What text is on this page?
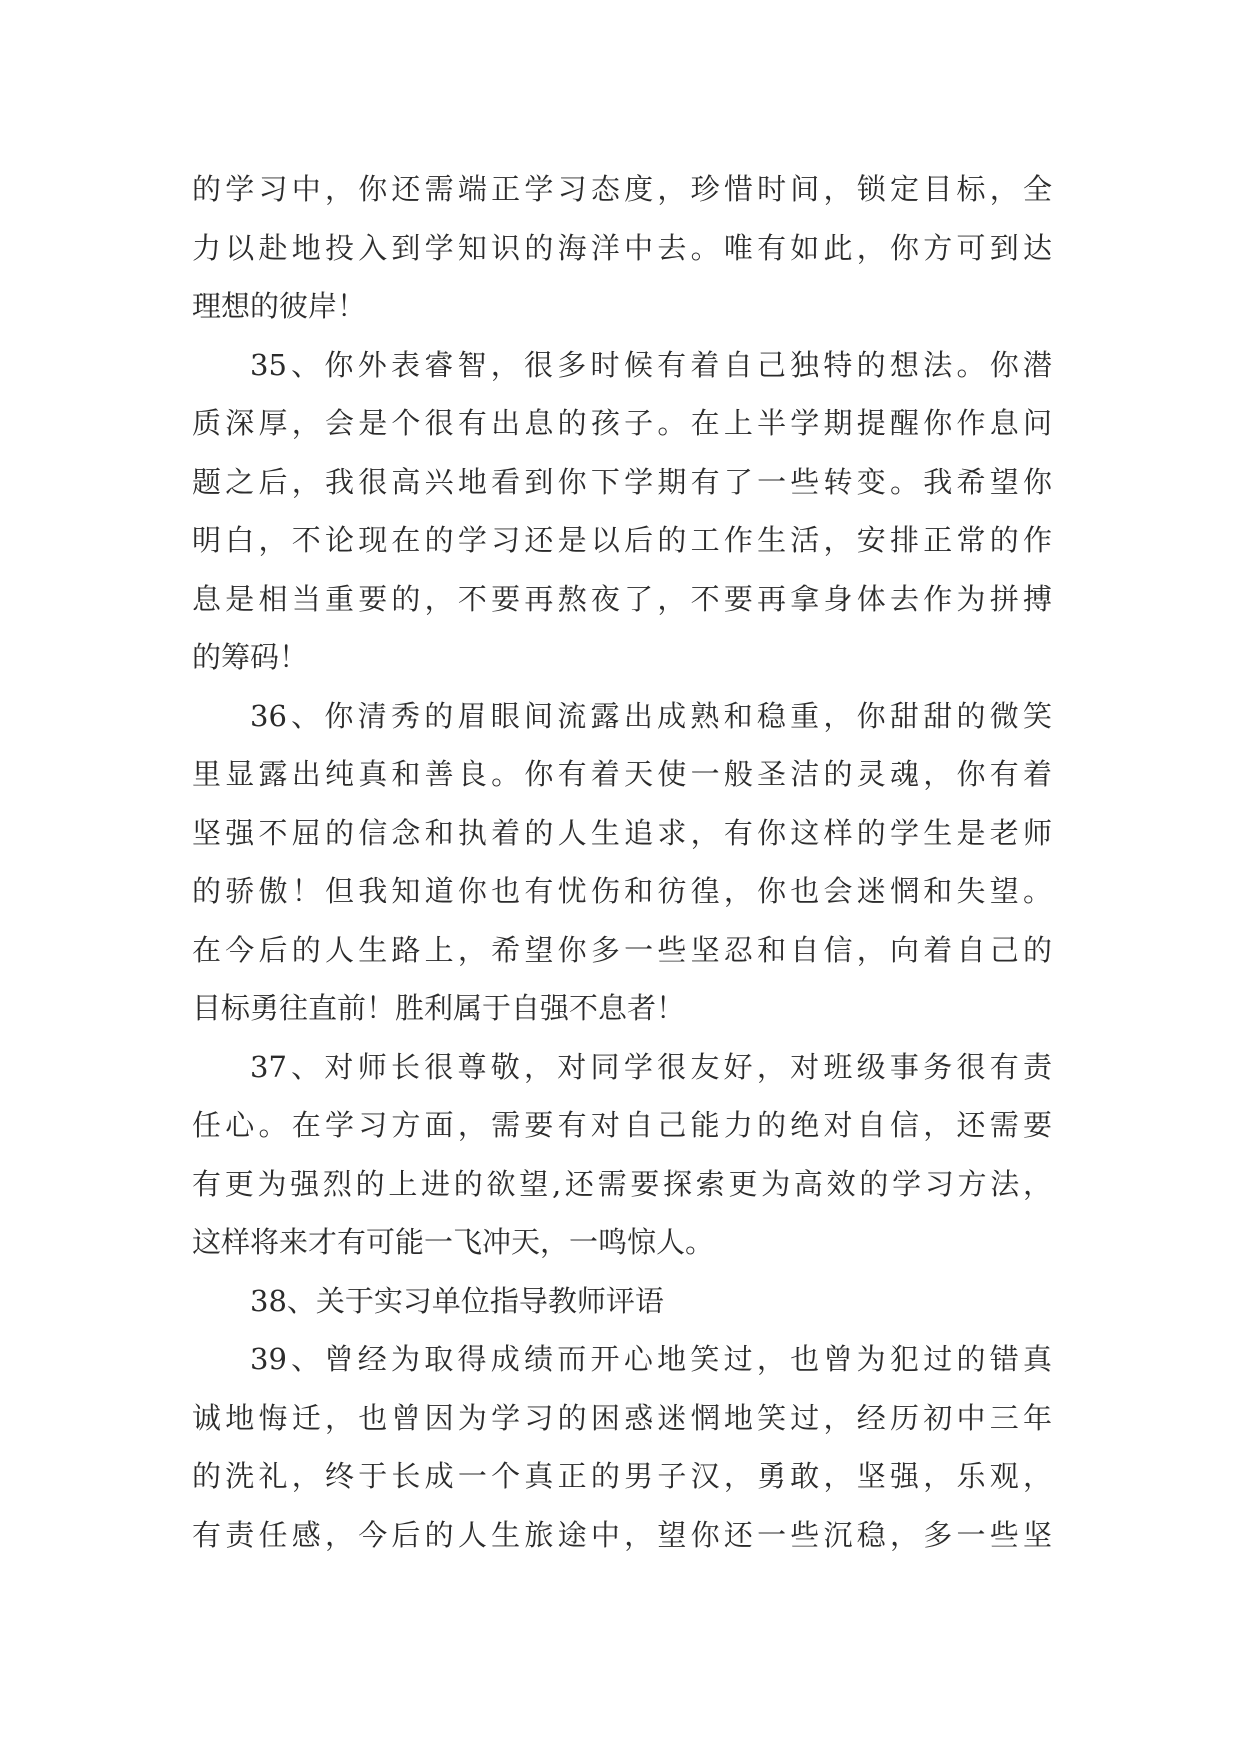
的学习中，你还需端正学习态度，珍惜时间，锁定目标，全
力以赴地投入到学知识的海洋中去。唯有如此，你方可到达
理想的彼岸！
35、你外表睿智，很多时候有着自己独特的想法。你潜
质深厚，会是个很有出息的孩子。在上半学期提醒你作息问
题之后，我很高兴地看到你下学期有了一些转变。我希望你
明白，不论现在的学习还是以后的工作生活，安排正常的作
息是相当重要的，不要再熬夜了，不要再拿身体去作为拼搏
的筹码！
36、你清秀的眉眼间流露出成熟和稳重，你甜甜的微笑
里显露出纯真和善良。你有着天使一般圣洁的灵魂，你有着
坚强不屈的信念和执着的人生追求，有你这样的学生是老师
的骄傲！但我知道你也有忧伤和彷徨，你也会迷惘和失望。
在今后的人生路上，希望你多一些坚忍和自信，向着自己的
目标勇往直前！胜利属于自强不息者！
37、对师长很尊敬，对同学很友好，对班级事务很有责
任心。在学习方面，需要有对自己能力的绝对自信，还需要
有更为强烈的上进的欲望,还需要探索更为高效的学习方法，
这样将来才有可能一飞冲天，一鸣惊人。
38、关于实习单位指导教师评语
39、曾经为取得成绩而开心地笑过，也曾为犯过的错真
诚地悔迁，也曾因为学习的困惑迷惘地笑过，经历初中三年
的洗礼，终于长成一个真正的男子汉，勇敢，坚强，乐观，
有责任感，今后的人生旅途中，望你还一些沉稳，多一些坚
